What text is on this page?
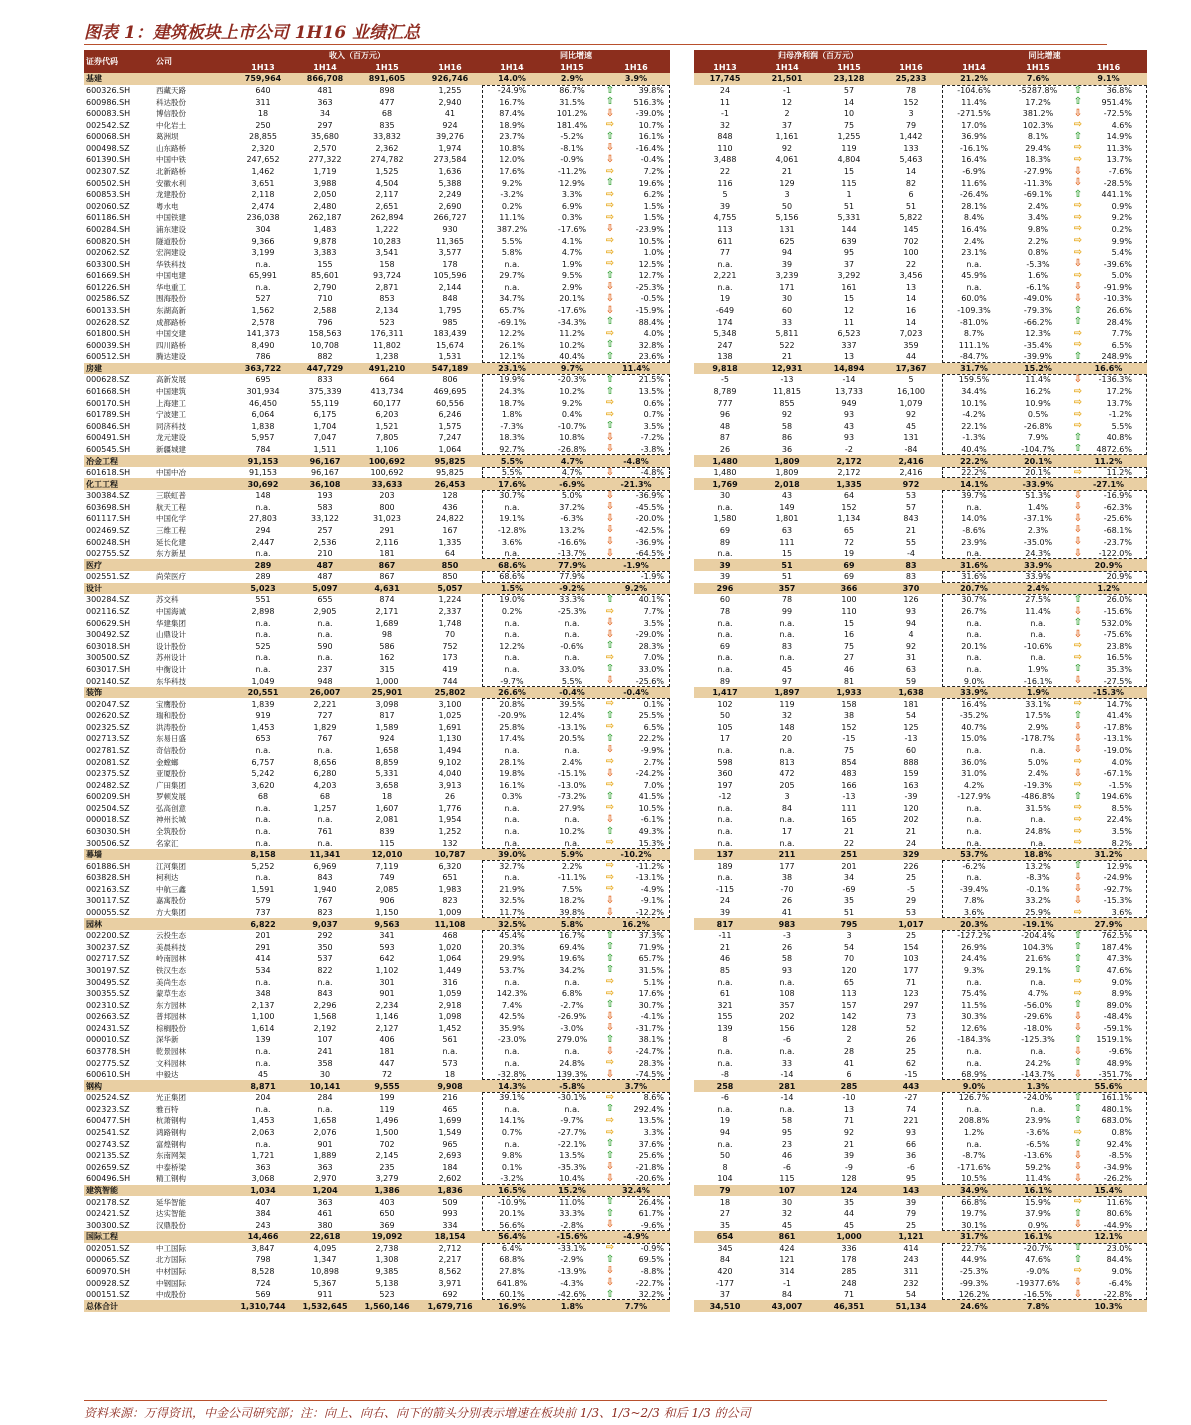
图表 1：建筑板块上市公司 1H16 业绩汇总
证券代码	公司	收入（百万元）				同比增速				归母净利润（百万元）				同比增速		
		1H13	1H14	1H15	1H16	1H14	1H15	1H16		1H13	1H14	1H15	1H16	1H14	1H15	1H16
基建		759,964	866,708	891,605	926,746	14.0%	2.9%	3.9%		17,745	21,501	23,128	25,233	21.2%	7.6%	9.1%
600326.SH	西藏天路	640	481	898	1,255	-24.9%	86.7%	⇧ 39.8%		24	-1	57	78	-104.6%	-5287.8%	⇧ 36.8%
600986.SH	科达股份	311	363	477	2,940	16.7%	31.5%	⇧ 516.3%		11	12	14	152	11.4%	17.2%	⇧ 951.4%
600083.SH	博信股份	18	34	68	41	87.4%	101.2%	⇩ -39.0%		-1	2	10	3	-271.5%	381.2%	⇩ -72.5%
002542.SZ	中化岩土	250	297	835	924	18.9%	181.4%	⇨ 10.7%		32	37	75	79	17.0%	102.3%	⇨ 4.6%
600068.SH	葛洲坝	28,855	35,680	33,832	39,276	23.7%	-5.2%	⇧ 16.1%		848	1,161	1,255	1,442	36.9%	8.1%	⇧ 14.9%
000498.SZ	山东路桥	2,320	2,570	2,362	1,974	10.8%	-8.1%	⇩ -16.4%		110	92	119	133	-16.1%	29.4%	⇨ 11.3%
601390.SH	中国中铁	247,652	277,322	274,782	273,584	12.0%	-0.9%	⇩ -0.4%		3,488	4,061	4,804	5,463	16.4%	18.3%	⇨ 13.7%
002307.SZ	北新路桥	1,462	1,719	1,525	1,636	17.6%	-11.2%	⇨ 7.2%		22	21	15	14	-6.9%	-27.9%	⇩ -7.6%
600502.SH	安徽水利	3,651	3,988	4,504	5,388	9.2%	12.9%	⇧ 19.6%		116	129	115	82	11.6%	-11.3%	⇩ -28.5%
600853.SH	龙建股份	2,118	2,050	2,117	2,249	-3.2%	3.3%	⇨ 6.2%		5	3	1	6	-26.4%	-69.1%	⇧ 441.1%
002060.SZ	粤水电	2,474	2,480	2,651	2,690	0.2%	6.9%	⇨ 1.5%		39	50	51	51	28.1%	2.4%	⇨ 0.9%
601186.SH	中国铁建	236,038	262,187	262,894	266,727	11.1%	0.3%	⇨ 1.5%		4,755	5,156	5,331	5,822	8.4%	3.4%	⇨ 9.2%
600284.SH	浦东建设	304	1,483	1,222	930	387.2%	-17.6%	⇩ -23.9%		113	131	144	145	16.4%	9.8%	⇨ 0.2%
600820.SH	隧道股份	9,366	9,878	10,283	11,365	5.5%	4.1%	⇨ 10.5%		611	625	639	702	2.4%	2.2%	⇨ 9.9%
002062.SZ	宏润建设	3,199	3,383	3,541	3,577	5.8%	4.7%	⇨ 1.0%		77	94	95	100	23.1%	0.8%	⇨ 5.4%
603300.SH	华铁科技	n.a.	155	158	178	n.a.	1.9%	⇨ 12.5%		n.a.	39	37	22	n.a.	-5.3%	⇩ -39.6%
601669.SH	中国电建	65,991	85,601	93,724	105,596	29.7%	9.5%	⇧ 12.7%		2,221	3,239	3,292	3,456	45.9%	1.6%	⇨ 5.0%
601226.SH	华电重工	n.a.	2,790	2,871	2,144	n.a.	2.9%	⇩ -25.3%		n.a.	171	161	13	n.a.	-6.1%	⇩ -91.9%
002586.SZ	围海股份	527	710	853	848	34.7%	20.1%	⇩ -0.5%		19	30	15	14	60.0%	-49.0%	⇩ -10.3%
600133.SH	东湖高新	1,562	2,588	2,134	1,795	65.7%	-17.6%	⇩ -15.9%		-649	60	12	16	-109.3%	-79.3%	⇧ 26.6%
002628.SZ	成都路桥	2,578	796	523	985	-69.1%	-34.3%	⇧ 88.4%		174	33	11	14	-81.0%	-66.2%	⇧ 28.4%
601800.SH	中国交建	141,373	158,563	176,311	183,439	12.2%	11.2%	⇨ 4.0%		5,348	5,811	6,523	7,023	8.7%	12.3%	⇨ 7.7%
600039.SH	四川路桥	8,490	10,708	11,802	15,674	26.1%	10.2%	⇧ 32.8%		247	522	337	359	111.1%	-35.4%	⇨ 6.5%
600512.SH	腾达建设	786	882	1,238	1,531	12.1%	40.4%	⇧ 23.6%		138	21	13	44	-84.7%	-39.9%	⇧ 248.9%
房建		363,722	447,729	491,210	547,189	23.1%	9.7%	11.4%		9,818	12,931	14,894	17,367	31.7%	15.2%	16.6%
000628.SZ	高新发展	695	833	664	806	19.9%	-20.3%	⇧ 21.5%		-5	-13	-14	5	159.5%	11.4%	⇩ -136.3%
601668.SH	中国建筑	301,934	375,339	413,734	469,695	24.3%	10.2%	⇧ 13.5%		8,789	11,815	13,733	16,100	34.4%	16.2%	⇨ 17.2%
600170.SH	上海建工	46,450	55,119	60,177	60,556	18.7%	9.2%	⇨ 0.6%		777	855	949	1,079	10.1%	10.9%	⇨ 13.7%
601789.SH	宁波建工	6,064	6,175	6,203	6,246	1.8%	0.4%	⇨ 0.7%		96	92	93	92	-4.2%	0.5%	⇨ -1.2%
600846.SH	同济科技	1,838	1,704	1,521	1,575	-7.3%	-10.7%	⇧ 3.5%		48	58	43	45	22.1%	-26.8%	⇨ 5.5%
600491.SH	龙元建设	5,957	7,047	7,805	7,247	18.3%	10.8%	⇩ -7.2%		87	86	93	131	-1.3%	7.9%	⇧ 40.8%
600545.SH	新疆城建	784	1,511	1,106	1,064	92.7%	-26.8%	⇩ -3.8%		26	36	-2	-84	40.4%	-104.7%	⇧ 4872.6%
冶金工程		91,153	96,167	100,692	95,825	5.5%	4.7%	-4.8%		1,480	1,809	2,172	2,416	22.2%	20.1%	11.2%
601618.SH	中国中冶	91,153	96,167	100,692	95,825	5.5%	4.7%	⇩ -4.8%		1,480	1,809	2,172	2,416	22.2%	20.1%	⇨ 11.2%
化工工程		30,692	36,108	33,633	26,453	17.6%	-6.9%	-21.3%		1,769	2,018	1,335	972	14.1%	-33.9%	-27.1%
300384.SZ	三联虹普	148	193	203	128	30.7%	5.0%	⇩ -36.9%		30	43	64	53	39.7%	51.3%	⇩ -16.9%
603698.SH	航天工程	n.a.	583	800	436	n.a.	37.2%	⇩ -45.5%		n.a.	149	152	57	n.a.	1.4%	⇩ -62.3%
601117.SH	中国化学	27,803	33,122	31,023	24,822	19.1%	-6.3%	⇩ -20.0%		1,580	1,801	1,134	843	14.0%	-37.1%	⇩ -25.6%
002469.SZ	三维工程	294	257	291	167	-12.8%	13.2%	⇩ -42.5%		69	63	65	21	-8.6%	2.3%	⇩ -68.1%
600248.SH	延长化建	2,447	2,536	2,116	1,335	3.6%	-16.6%	⇩ -36.9%		89	111	72	55	23.9%	-35.0%	⇩ -23.7%
002755.SZ	东方新星	n.a.	210	181	64	n.a.	-13.7%	⇩ -64.5%		n.a.	15	19	-4	n.a.	24.3%	⇩ -122.0%
医疗		289	487	867	850	68.6%	77.9%	-1.9%		39	51	69	83	31.6%	33.9%	20.9%
002551.SZ	尚荣医疗	289	487	867	850	68.6%	77.9%	-1.9%		39	51	69	83	31.6%	33.9%	20.9%
设计		5,023	5,097	4,631	5,057	1.5%	-9.2%	9.2%		296	357	366	370	20.7%	2.4%	1.2%
300284.SZ	苏交科	551	655	874	1,224	19.0%	33.3%	⇧ 40.1%		60	78	100	126	30.7%	27.5%	⇧ 26.0%
002116.SZ	中国海诚	2,898	2,905	2,171	2,337	0.2%	-25.3%	⇨ 7.7%		78	99	110	93	26.7%	11.4%	⇩ -15.6%
600629.SH	华建集团	n.a.	n.a.	1,689	1,748	n.a.	n.a.	⇩ 3.5%		n.a.	n.a.	15	94	n.a.	n.a.	⇧ 532.0%
300492.SZ	山鼎设计	n.a.	n.a.	98	70	n.a.	n.a.	⇩ -29.0%		n.a.	n.a.	16	4	n.a.	n.a.	⇩ -75.6%
603018.SH	设计股份	525	590	586	752	12.2%	-0.6%	⇧ 28.3%		69	83	75	92	20.1%	-10.6%	⇨ 23.8%
300500.SZ	苏州设计	n.a.	n.a.	162	173	n.a.	n.a.	⇨ 7.0%		n.a.	n.a.	27	31	n.a.	n.a.	⇨ 16.5%
603017.SH	中衡设计	n.a.	237	315	419	n.a.	33.0%	⇧ 33.0%		n.a.	45	46	63	n.a.	1.9%	⇧ 35.3%
002140.SZ	东华科技	1,049	948	1,000	744	-9.7%	5.5%	⇩ -25.6%		89	97	81	59	9.0%	-16.1%	⇩ -27.5%
装饰		20,551	26,007	25,901	25,802	26.6%	-0.4%	-0.4%		1,417	1,897	1,933	1,638	33.9%	1.9%	-15.3%
002047.SZ	宝鹰股份	1,839	2,221	3,098	3,100	20.8%	39.5%	⇨ 0.1%		102	119	158	181	16.4%	33.1%	⇨ 14.7%
002620.SZ	瑞和股份	919	727	817	1,025	-20.9%	12.4%	⇧ 25.5%		50	32	38	54	-35.2%	17.5%	⇧ 41.4%
002325.SZ	洪涛股份	1,453	1,829	1,589	1,691	25.8%	-13.1%	⇨ 6.5%		105	148	152	125	40.7%	2.9%	⇩ -17.8%
002713.SZ	东易日盛	653	767	924	1,130	17.4%	20.5%	⇧ 22.2%		17	20	-15	-13	15.0%	-178.7%	⇩ -13.1%
002781.SZ	奇信股份	n.a.	n.a.	1,658	1,494	n.a.	n.a.	⇩ -9.9%		n.a.	n.a.	75	60	n.a.	n.a.	⇩ -19.0%
002081.SZ	金螳螂	6,757	8,656	8,859	9,102	28.1%	2.4%	⇨ 2.7%		598	813	854	888	36.0%	5.0%	⇨ 4.0%
002375.SZ	亚厦股份	5,242	6,280	5,331	4,040	19.8%	-15.1%	⇩ -24.2%		360	472	483	159	31.0%	2.4%	⇩ -67.1%
002482.SZ	广田集团	3,620	4,203	3,658	3,913	16.1%	-13.0%	⇨ 7.0%		197	205	166	163	4.2%	-19.3%	⇨ -1.5%
600209.SH	罗顿发展	68	68	18	26	0.3%	-73.2%	⇧ 41.5%		-12	3	-13	-39	-127.9%	-486.8%	⇧ 194.6%
002504.SZ	弘高创意	n.a.	1,257	1,607	1,776	n.a.	27.9%	⇨ 10.5%		n.a.	84	111	120	n.a.	31.5%	⇨ 8.5%
000018.SZ	神州长城	n.a.	n.a.	2,081	1,954	n.a.	n.a.	⇩ -6.1%		n.a.	n.a.	165	202	n.a.	n.a.	⇨ 22.4%
603030.SH	全筑股份	n.a.	761	839	1,252	n.a.	10.2%	⇧ 49.3%		n.a.	17	21	21	n.a.	24.8%	⇨ 3.5%
300506.SZ	名家汇	n.a.	n.a.	115	132	n.a.	n.a.	⇨ 15.3%		n.a.	n.a.	22	24	n.a.	n.a.	⇨ 8.2%
幕墙		8,158	11,341	12,010	10,787	39.0%	5.9%	-10.2%		137	211	251	329	53.7%	18.8%	31.2%
601886.SH	江河集团	5,252	6,969	7,119	6,320	32.7%	2.2%	⇨ -11.2%		189	177	201	226	-6.2%	13.2%	⇧ 12.9%
603828.SH	柯利达	n.a.	843	749	651	n.a.	-11.1%	⇨ -13.1%		n.a.	38	34	25	n.a.	-8.3%	⇩ -24.9%
002163.SZ	中航三鑫	1,591	1,940	2,085	1,983	21.9%	7.5%	⇨ -4.9%		-115	-70	-69	-5	-39.4%	-0.1%	⇩ -92.7%
300117.SZ	嘉寓股份	579	767	906	823	32.5%	18.2%	⇩ -9.1%		24	26	35	29	7.8%	33.2%	⇩ -15.3%
000055.SZ	方大集团	737	823	1,150	1,009	11.7%	39.8%	⇩ -12.2%		39	41	51	53	3.6%	25.9%	⇨ 3.6%
园林		6,822	9,037	9,563	11,108	32.5%	5.8%	16.2%		817	983	795	1,017	20.3%	-19.1%	27.9%
002200.SZ	云投生态	201	292	341	468	45.4%	16.7%	⇧ 37.3%		-11	-3	3	25	-127.2%	-204.4%	⇧ 762.5%
300237.SZ	美晨科技	291	350	593	1,020	20.3%	69.4%	⇧ 71.9%		21	26	54	154	26.9%	104.3%	⇧ 187.4%
002717.SZ	岭南园林	414	537	642	1,064	29.9%	19.6%	⇧ 65.7%		46	58	70	103	24.4%	21.6%	⇧ 47.3%
300197.SZ	铁汉生态	534	822	1,102	1,449	53.7%	34.2%	⇧ 31.5%		85	93	120	177	9.3%	29.1%	⇧ 47.6%
300495.SZ	美尚生态	n.a.	n.a.	301	316	n.a.	n.a.	⇨ 5.1%		n.a.	n.a.	65	71	n.a.	n.a.	⇨ 9.0%
300355.SZ	蒙草生态	348	843	901	1,059	142.3%	6.8%	⇨ 17.6%		61	108	113	123	75.4%	4.7%	⇨ 8.9%
002310.SZ	东方园林	2,137	2,296	2,234	2,918	7.4%	-2.7%	⇧ 30.7%		321	357	157	297	11.5%	-56.0%	⇧ 89.0%
002663.SZ	普邦园林	1,100	1,568	1,146	1,098	42.5%	-26.9%	⇩ -4.1%		155	202	142	73	30.3%	-29.6%	⇩ -48.4%
002431.SZ	棕榈股份	1,614	2,192	2,127	1,452	35.9%	-3.0%	⇩ -31.7%		139	156	128	52	12.6%	-18.0%	⇩ -59.1%
000010.SZ	深华新	139	107	406	561	-23.0%	279.0%	⇧ 38.1%		8	-6	2	26	-184.3%	-125.3%	⇧ 1519.1%
603778.SH	乾景园林	n.a.	241	181	n.a.	n.a.	n.a.	⇩ -24.7%		n.a.	n.a.	28	25	n.a.	n.a.	⇩ -9.6%
002775.SZ	文科园林	n.a.	358	447	573	n.a.	24.8%	⇨ 28.3%		n.a.	33	41	62	n.a.	24.2%	⇧ 48.9%
600610.SH	中毅达	45	30	72	18	-32.8%	139.3%	⇩ -74.5%		-8	-14	6	-15	68.9%	-143.7%	⇩ -351.7%
钢构		8,871	10,141	9,555	9,908	14.3%	-5.8%	3.7%		258	281	285	443	9.0%	1.3%	55.6%
002524.SZ	光正集团	204	284	199	216	39.1%	-30.1%	⇨ 8.6%		-6	-14	-10	-27	126.7%	-24.0%	⇧ 161.1%
002323.SZ	雅百特	n.a.	n.a.	119	465	n.a.	n.a.	⇧ 292.4%		n.a.	n.a.	13	74	n.a.	n.a.	⇧ 480.1%
600477.SH	杭萧钢构	1,453	1,658	1,496	1,699	14.1%	-9.7%	⇨ 13.5%		19	58	71	221	208.8%	23.9%	⇧ 683.0%
002541.SZ	鸿路钢构	2,063	2,076	1,500	1,549	0.7%	-27.7%	⇨ 3.3%		94	95	92	93	1.2%	-3.6%	⇨ 0.8%
002743.SZ	富煌钢构	n.a.	901	702	965	n.a.	-22.1%	⇧ 37.6%		n.a.	23	21	66	n.a.	-6.5%	⇧ 92.4%
002135.SZ	东南网架	1,721	1,889	2,145	2,693	9.8%	13.5%	⇧ 25.6%		50	46	39	36	-8.7%	-13.6%	⇩ -8.5%
002659.SZ	中泰桥梁	363	363	235	184	0.1%	-35.3%	⇩ -21.8%		8	-6	-9	-6	-171.6%	59.2%	⇩ -34.9%
600496.SH	精工钢构	3,068	2,970	3,279	2,602	-3.2%	10.4%	⇩ -20.6%		104	115	128	95	10.5%	11.4%	⇩ -26.2%
建筑智能		1,034	1,204	1,386	1,836	16.5%	15.2%	32.4%		79	107	124	143	34.9%	16.1%	15.4%
002178.SZ	延华智能	407	363	403	509	-10.9%	11.0%	⇧ 26.4%		18	30	35	39	66.8%	15.9%	⇨ 11.6%
002421.SZ	达实智能	384	461	650	993	20.1%	33.3%	⇧ 61.7%		27	32	44	79	19.7%	37.9%	⇧ 80.6%
300300.SZ	汉鼎股份	243	380	369	334	56.6%	-2.8%	⇩ -9.6%		35	45	45	25	30.1%	0.9%	⇩ -44.9%
国际工程		14,466	22,618	19,092	18,154	56.4%	-15.6%	-4.9%		654	861	1,000	1,121	31.7%	16.1%	12.1%
002051.SZ	中工国际	3,847	4,095	2,738	2,712	6.4%	-33.1%	⇨ -0.9%		345	424	336	414	22.7%	-20.7%	⇧ 23.0%
000065.SZ	北方国际	798	1,347	1,308	2,217	68.8%	-2.9%	⇧ 69.5%		84	121	178	243	44.9%	47.6%	⇧ 84.4%
600970.SH	中材国际	8,528	10,898	9,385	8,562	27.8%	-13.9%	⇩ -8.8%		420	314	285	311	-25.3%	-9.0%	⇨ 9.0%
000928.SZ	中钢国际	724	5,367	5,138	3,971	641.8%	-4.3%	⇩ -22.7%		-177	-1	248	232	-99.3%	-19377.6%	⇩ -6.4%
000151.SZ	中成股份	569	911	523	692	60.1%	-42.6%	⇧ 32.2%		37	84	71	54	126.2%	-16.5%	⇩ -22.8%
总体合计		1,310,744	1,532,645	1,560,146	1,679,716	16.9%	1.8%	7.7%		34,510	43,007	46,351	51,134	24.6%	7.8%	10.3%
资料来源：万得资讯，中金公司研究部；注：向上、向右、向下的箭头分别表示增速在板块前 1/3、1/3~2/3 和后 1/3 的公司
